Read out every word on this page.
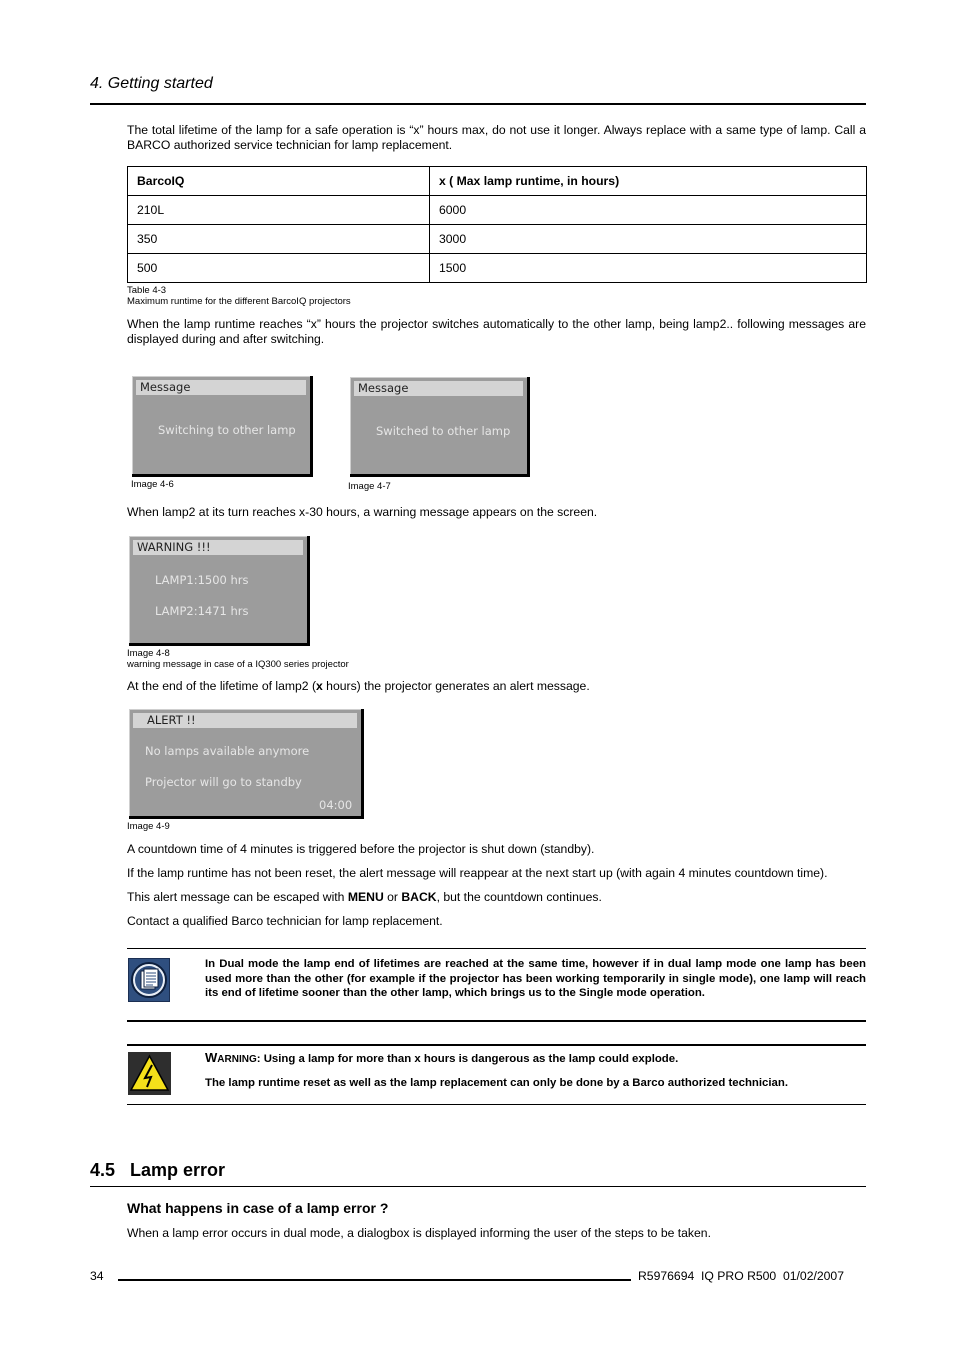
4. Getting started
The total lifetime of the lamp for a safe operation is “x” hours max, do not use it longer. Always replace with a same type of lamp. Call a BARCO authorized service technician for lamp replacement.
BarcoIQ	x ( Max lamp runtime, in hours)
210L	6000
350	3000
500	1500
Table 4-3
Maximum runtime for the different BarcoIQ projectors
When the lamp runtime reaches “x” hours the projector switches automatically to the other lamp, being lamp2.. following messages are displayed during and after switching.
Message
Switching to other lamp
Image 4-6
Message
Switched to other lamp
Image 4-7
When lamp2 at its turn reaches x-30 hours, a warning message appears on the screen.
WARNING !!!
LAMP1:1500 hrs
LAMP2:1471 hrs
Image 4-8
warning message in case of a IQ300 series projector
At the end of the lifetime of lamp2 (x hours) the projector generates an alert message.
ALERT !!
No lamps available anymore
Projector will go to standby
04:00
Image 4-9
A countdown time of 4 minutes is triggered before the projector is shut down (standby).
If the lamp runtime has not been reset, the alert message will reappear at the next start up (with again 4 minutes countdown time).
This alert message can be escaped with MENU or BACK, but the countdown continues.
Contact a qualified Barco technician for lamp replacement.
In Dual mode the lamp end of lifetimes are reached at the same time, however if in dual lamp mode one lamp has been used more than the other (for example if the projector has been working temporarily in single mode), one lamp will reach its end of lifetime sooner than the other lamp, which brings us to the Single mode operation.
WARNING: Using a lamp for more than x hours is dangerous as the lamp could explode.
The lamp runtime reset as well as the lamp replacement can only be done by a Barco authorized technician.
4.5   Lamp error
What happens in case of a lamp error ?
When a lamp error occurs in dual mode, a dialogbox is displayed informing the user of the steps to be taken.
34	R5976694  IQ PRO R500  01/02/2007
